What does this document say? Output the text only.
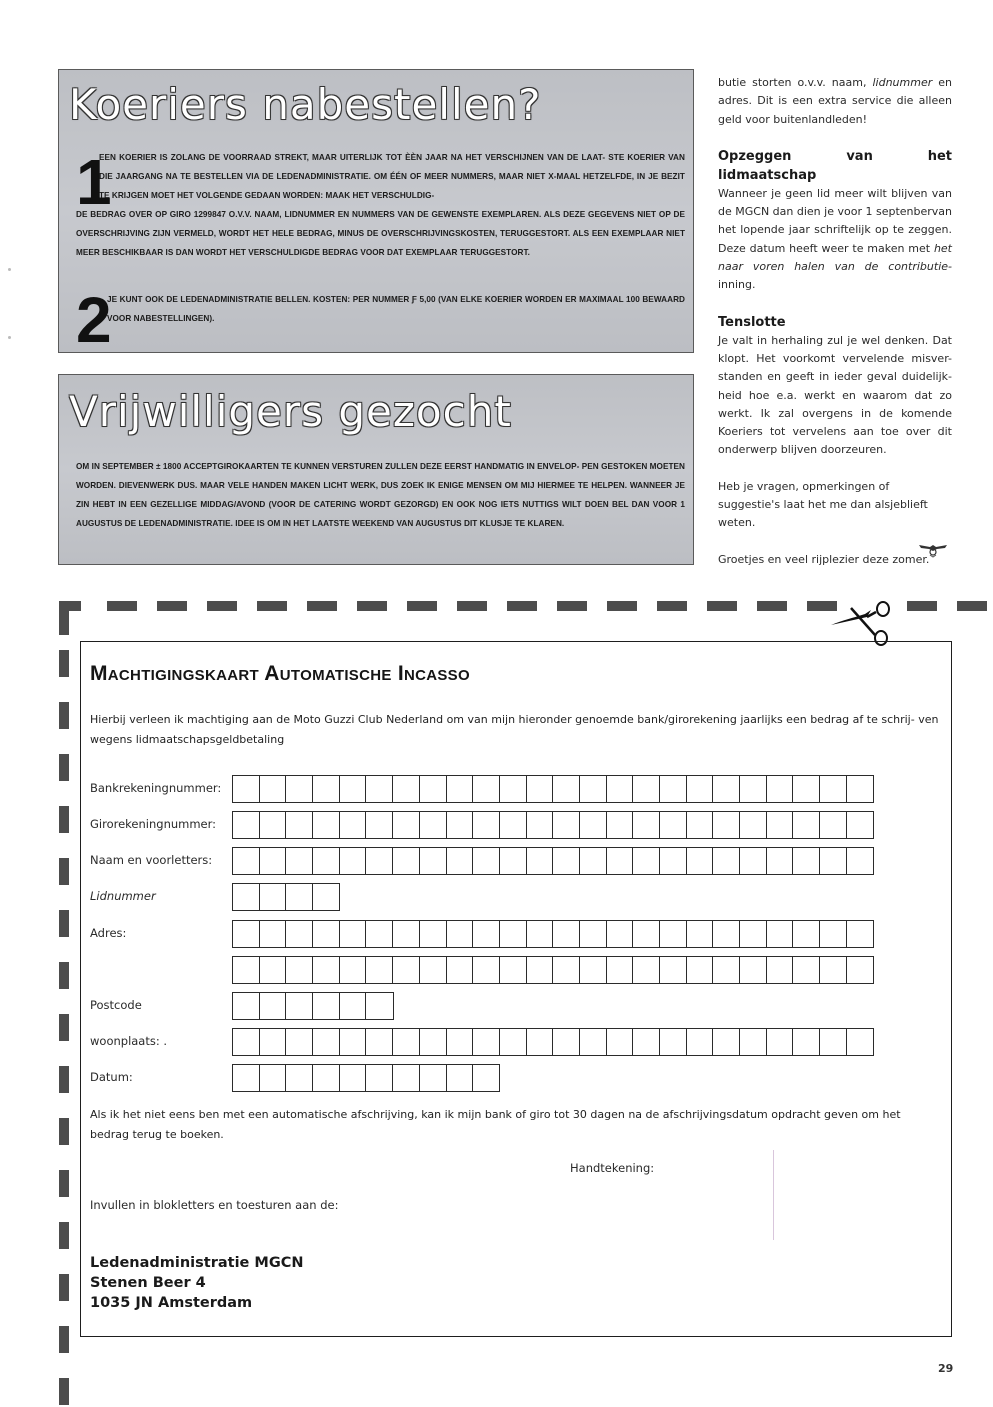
Koeriers nabestellen?
1
EEN KOERIER IS ZOLANG DE VOORRAAD STREKT, MAAR UITERLIJK TOT ÈÈN JAAR NA HET VERSCHIJNEN VAN DE LAAT- STE KOERIER VAN DIE JAARGANG NA TE BESTELLEN VIA DE LEDENADMINISTRATIE. OM ÉÉN OF MEER NUMMERS, MAAR NIET X-MAAL HETZELFDE, IN JE BEZIT TE KRIJGEN MOET HET VOLGENDE GEDAAN WORDEN: MAAK HET VERSCHULDIG-
DE BEDRAG OVER OP GIRO 1299847 O.V.V. NAAM, LIDNUMMER EN NUMMERS VAN DE GEWENSTE EXEMPLAREN. ALS DEZE GEGEVENS NIET OP DE OVERSCHRIJVING ZIJN VERMELD, WORDT HET HELE BEDRAG, MINUS DE OVERSCHRIJVINGSKOSTEN, TERUGGESTORT. ALS EEN EXEMPLAAR NIET MEER BESCHIKBAAR IS DAN WORDT HET VERSCHULDIGDE BEDRAG VOOR DAT EXEMPLAAR TERUGGESTORT.
2
JE KUNT OOK DE LEDENADMINISTRATIE BELLEN. KOSTEN: PER NUMMER Ƒ 5,00 (VAN ELKE KOERIER WORDEN ER MAXIMAAL 100 BEWAARD VOOR NABESTELLINGEN).
Vrijwilligers gezocht
OM IN SEPTEMBER ± 1800 ACCEPTGIROKAARTEN TE KUNNEN VERSTUREN ZULLEN DEZE EERST HANDMATIG IN ENVELOP- PEN GESTOKEN MOETEN WORDEN. DIEVENWERK DUS. MAAR VELE HANDEN MAKEN LICHT WERK, DUS ZOEK IK ENIGE MENSEN OM MIJ HIERMEE TE HELPEN. WANNEER JE ZIN HEBT IN EEN GEZELLIGE MIDDAG/AVOND (VOOR DE CATERING WORDT GEZORGD) EN OOK NOG IETS NUTTIGS WILT DOEN BEL DAN VOOR 1 AUGUSTUS DE LEDENADMINISTRATIE. IDEE IS OM IN HET LAATSTE WEEKEND VAN AUGUSTUS DIT KLUSJE TE KLAREN.

butie storten o.v.v. naam, lidnummer en adres. Dit is een extra service die alleen geld voor buitenlandleden!

Opzeggen van het lidmaatschap

Wanneer je geen lid meer wilt blijven van de MGCN dan dien je voor 1 septenbervan het lopende jaar schriftelijk op te zeggen. Deze datum heeft weer te maken met het naar voren halen van de contributie- inning.

Tenslotte

Je valt in herhaling zul je wel denken. Dat klopt. Het voorkomt vervelende misver- standen en geeft in ieder geval duidelijk- heid hoe e.a. werkt en waarom dat zo werkt. Ik zal overgens in de komende Koeriers tot vervelens aan toe over dit onderwerp blijven doorzeuren.

Heb je vragen, opmerkingen of suggestie's laat het me dan alsjeblieft weten.

Groetjes en veel rijplezier deze zomer.

Machtigingskaart Automatische Incasso
Hierbij verleen ik machtiging aan de Moto Guzzi Club Nederland om van mijn hieronder genoemde bank/girorekening jaarlijks een bedrag af te schrij- ven wegens lidmaatschapsgeldbetaling
Bankrekeningnummer:
Girorekeningnummer:
Naam en voorletters:
Lidnummer
Adres:
Postcode
woonplaats: .
Datum:
Als ik het niet eens ben met een automatische afschrijving, kan ik mijn bank of giro tot 30 dagen na de afschrijvingsdatum opdracht geven om het bedrag terug te boeken.
Handtekening:
Invullen in blokletters en toesturen aan de:
Ledenadministratie MGCN
Stenen Beer 4
1035 JN Amsterdam
29
